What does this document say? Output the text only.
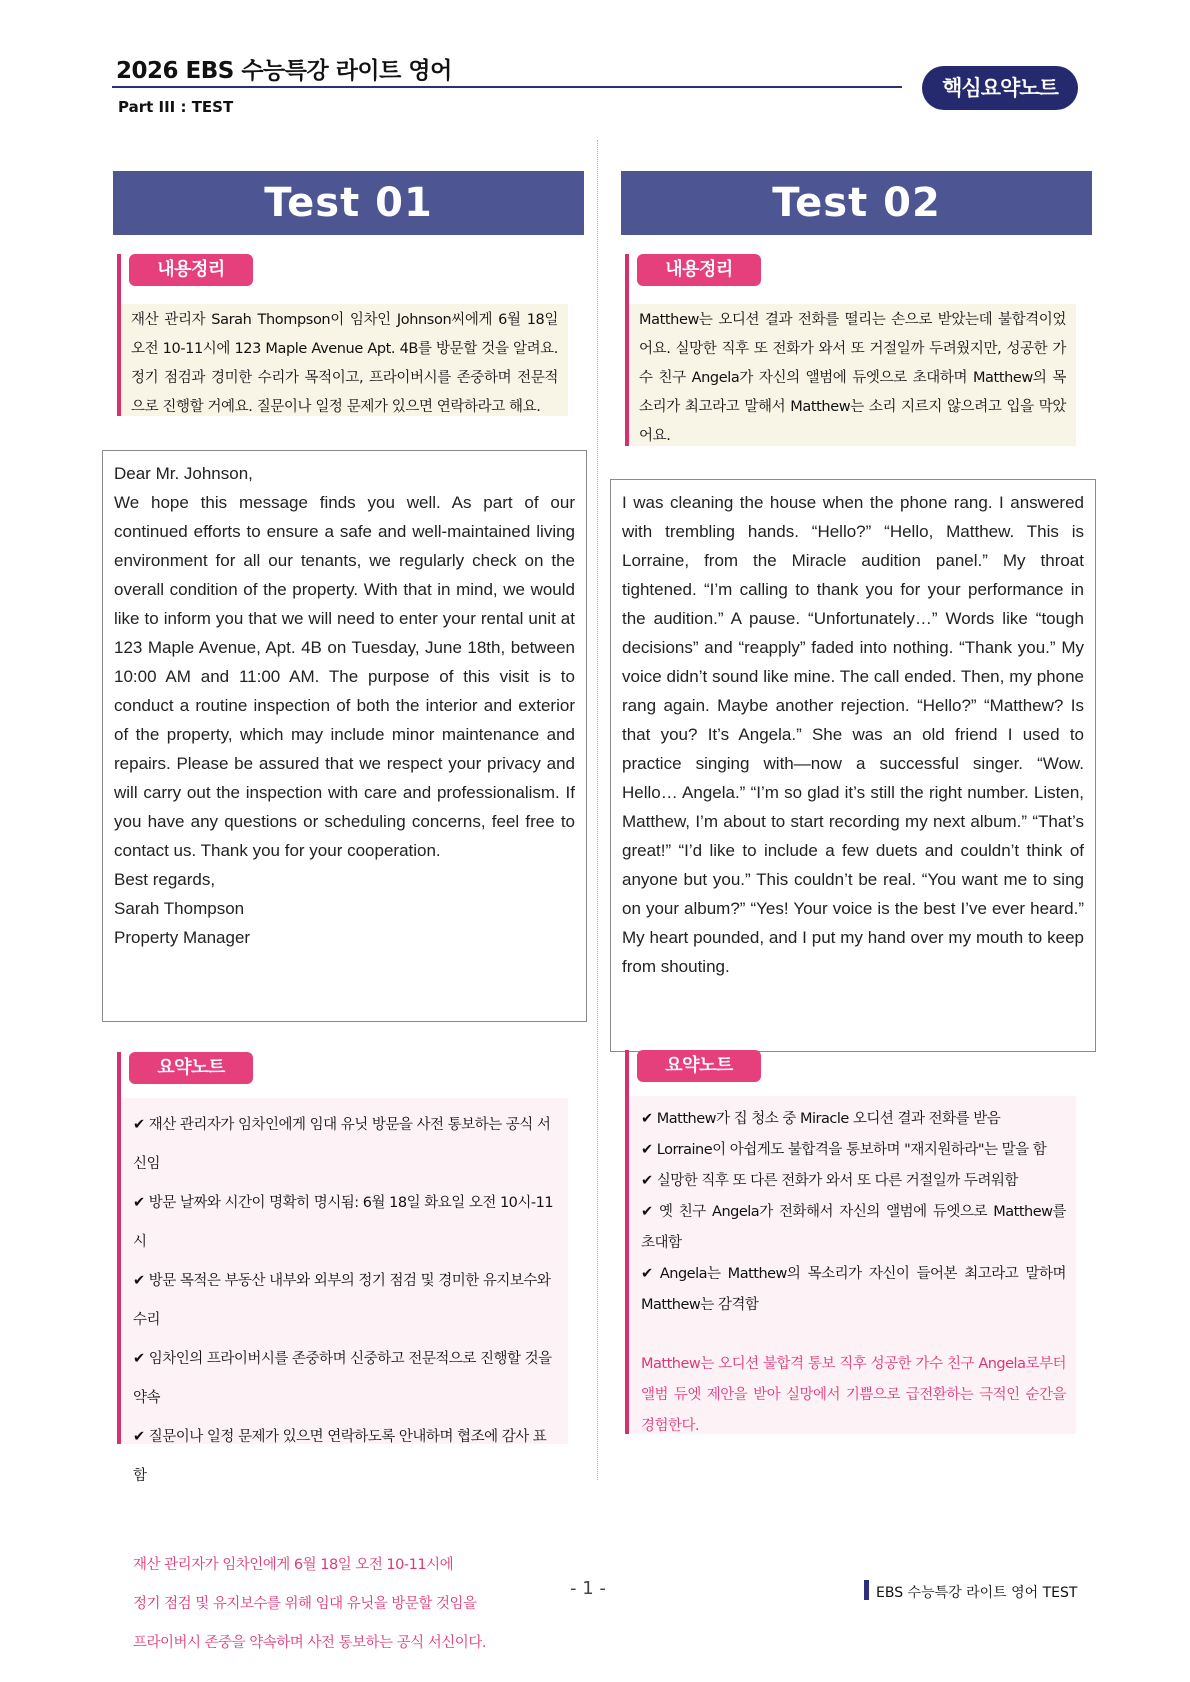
2026 EBS 수능특강 라이트 영어
Part III : TEST
핵심요약노트
Test 01
내용정리
재산 관리자 Sarah Thompson이 임차인 Johnson씨에게 6월 18일 오전 10-11시에 123 Maple Avenue Apt. 4B를 방문할 것을 알려요. 정기 점검과 경미한 수리가 목적이고, 프라이버시를 존중하며 전문적으로 진행할 거예요. 질문이나 일정 문제가 있으면 연락하라고 해요.

Dear Mr. Johnson,

We hope this message finds you well. As part of our continued efforts to ensure a safe and well-maintained living environment for all our tenants, we regularly check on the overall condition of the property. With that in mind, we would like to inform you that we will need to enter your rental unit at 123 Maple Avenue, Apt. 4B on Tuesday, June 18th, between 10:00 AM and 11:00 AM. The purpose of this visit is to conduct a routine inspection of both the interior and exterior of the property, which may include minor maintenance and repairs. Please be assured that we respect your privacy and will carry out the inspection with care and professionalism. If you have any questions or scheduling concerns, feel free to contact us. Thank you for your cooperation.

Best regards,

Sarah Thompson

Property Manager

요약노트

✔ 재산 관리자가 임차인에게 임대 유닛 방문을 사전 통보하는 공식 서신임

✔ 방문 날짜와 시간이 명확히 명시됨: 6월 18일 화요일 오전 10시-11시

✔ 방문 목적은 부동산 내부와 외부의 정기 점검 및 경미한 유지보수와 수리

✔ 임차인의 프라이버시를 존중하며 신중하고 전문적으로 진행할 것을 약속

✔ 질문이나 일정 문제가 있으면 연락하도록 안내하며 협조에 감사 표함

재산 관리자가 임차인에게 6월 18일 오전 10-11시에
정기 점검 및 유지보수를 위해 임대 유닛을 방문할 것임을
프라이버시 존중을 약속하며 사전 통보하는 공식 서신이다.
Test 02
내용정리
Matthew는 오디션 결과 전화를 떨리는 손으로 받았는데 불합격이었어요. 실망한 직후 또 전화가 와서 또 거절일까 두려웠지만, 성공한 가수 친구 Angela가 자신의 앨범에 듀엣으로 초대하며 Matthew의 목소리가 최고라고 말해서 Matthew는 소리 지르지 않으려고 입을 막았어요.

I was cleaning the house when the phone rang. I answered with trembling hands. “Hello?” “Hello, Matthew. This is Lorraine, from the Miracle audition panel.” My throat tightened. “I’m calling to thank you for your performance in the audition.” A pause. “Unfortunately…” Words like “tough decisions” and “reapply” faded into nothing. “Thank you.” My voice didn’t sound like mine. The call ended. Then, my phone rang again. Maybe another rejection. “Hello?” “Matthew? Is that you? It’s Angela.” She was an old friend I used to practice singing with—now a successful singer. “Wow. Hello… Angela.” “I’m so glad it’s still the right number. Listen, Matthew, I’m about to start recording my next album.” “That’s great!” “I’d like to include a few duets and couldn’t think of anyone but you.” This couldn’t be real. “You want me to sing on your album?” “Yes! Your voice is the best I’ve ever heard.” My heart pounded, and I put my hand over my mouth to keep from shouting.

요약노트

✔ Matthew가 집 청소 중 Miracle 오디션 결과 전화를 받음

✔ Lorraine이 아쉽게도 불합격을 통보하며 "재지원하라"는 말을 함

✔ 실망한 직후 또 다른 전화가 와서 또 다른 거절일까 두려워함

✔ 옛 친구 Angela가 전화해서 자신의 앨범에 듀엣으로 Matthew를 초대함

✔ Angela는 Matthew의 목소리가 자신이 들어본 최고라고 말하며 Matthew는 감격함

Matthew는 오디션 불합격 통보 직후 성공한 가수 친구 Angela로부터 앨범 듀엣 제안을 받아 실망에서 기쁨으로 급전환하는 극적인 순간을 경험한다.
- 1 -	EBS 수능특강 라이트 영어 TEST
